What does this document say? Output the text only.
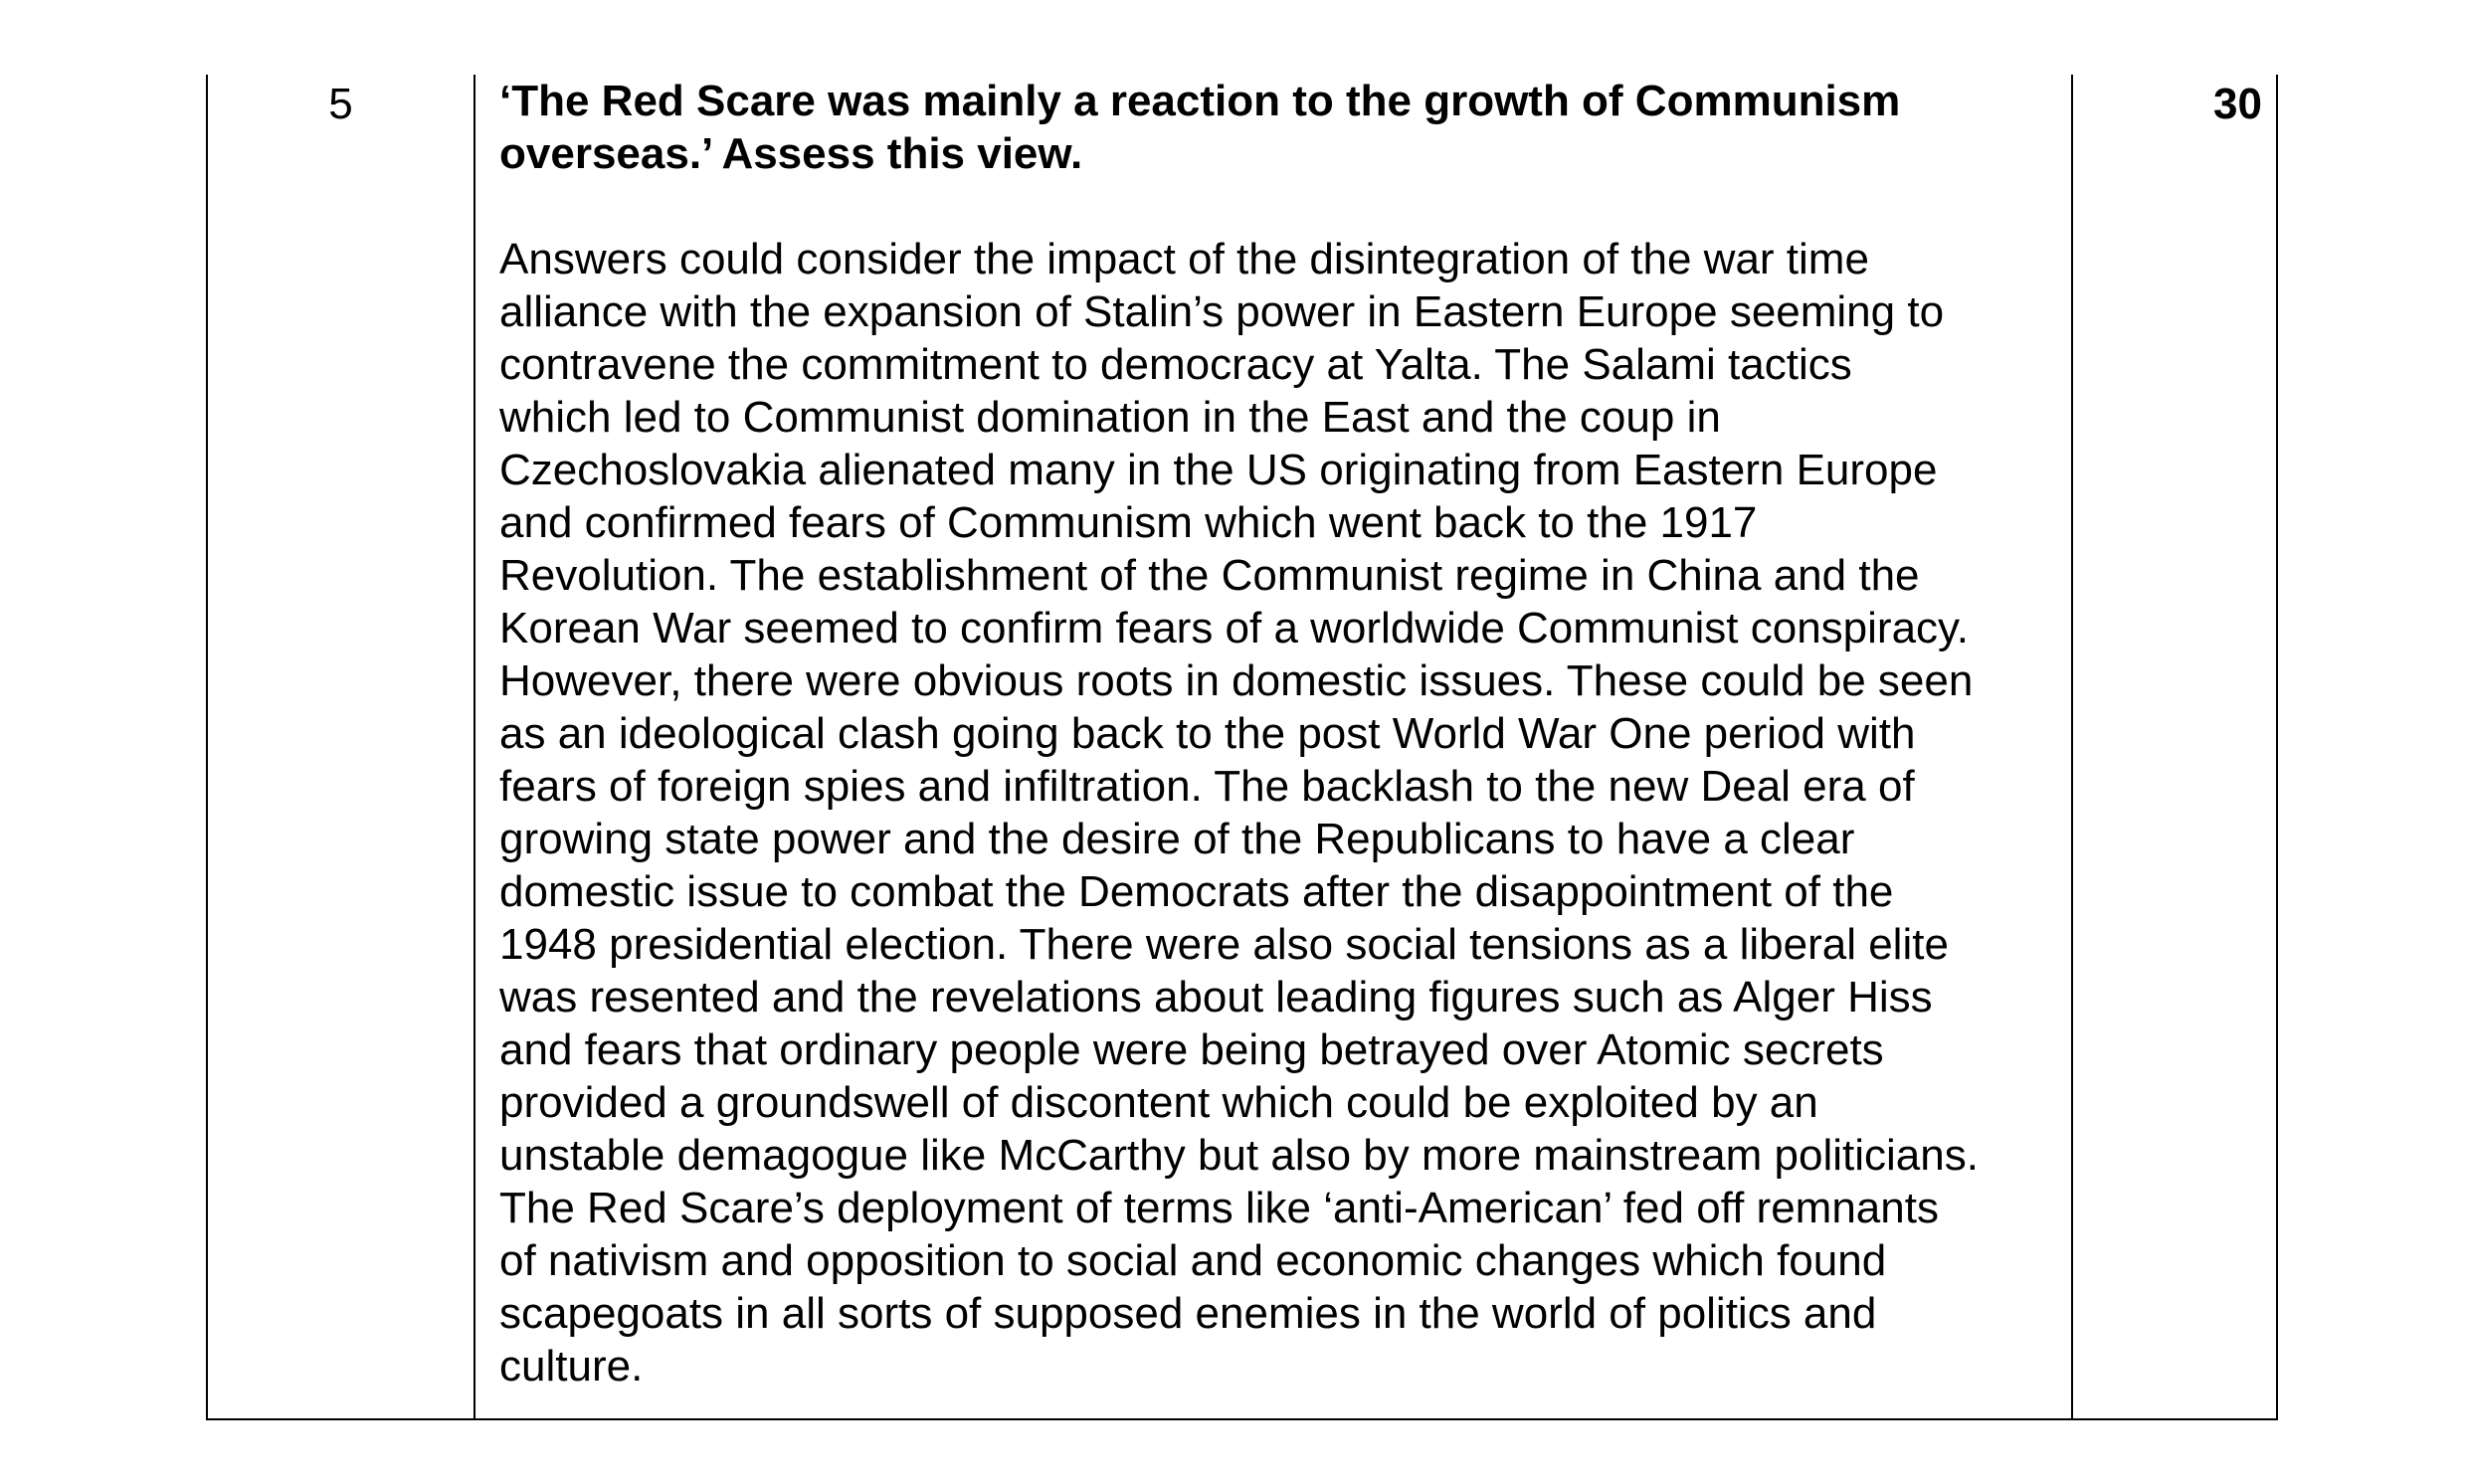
5	‘The Red Scare was mainly a reaction to the growth of Communism
overseas.’ Assess this view.

Answers could consider the impact of the disintegration of the war time
alliance with the expansion of Stalin’s power in Eastern Europe seeming to
contravene the commitment to democracy at Yalta. The Salami tactics
which led to Communist domination in the East and the coup in
Czechoslovakia alienated many in the US originating from Eastern Europe
and confirmed fears of Communism which went back to the 1917
Revolution. The establishment of the Communist regime in China and the
Korean War seemed to confirm fears of a worldwide Communist conspiracy.
However, there were obvious roots in domestic issues. These could be seen
as an ideological clash going back to the post World War One period with
fears of foreign spies and infiltration. The backlash to the new Deal era of
growing state power and the desire of the Republicans to have a clear
domestic issue to combat the Democrats after the disappointment of the
1948 presidential election. There were also social tensions as a liberal elite
was resented and the revelations about leading figures such as Alger Hiss
and fears that ordinary people were being betrayed over Atomic secrets
provided a groundswell of discontent which could be exploited by an
unstable demagogue like McCarthy but also by more mainstream politicians.
The Red Scare’s deployment of terms like ‘anti-American’ fed off remnants
of nativism and opposition to social and economic changes which found
scapegoats in all sorts of supposed enemies in the world of politics and
culture.

30
